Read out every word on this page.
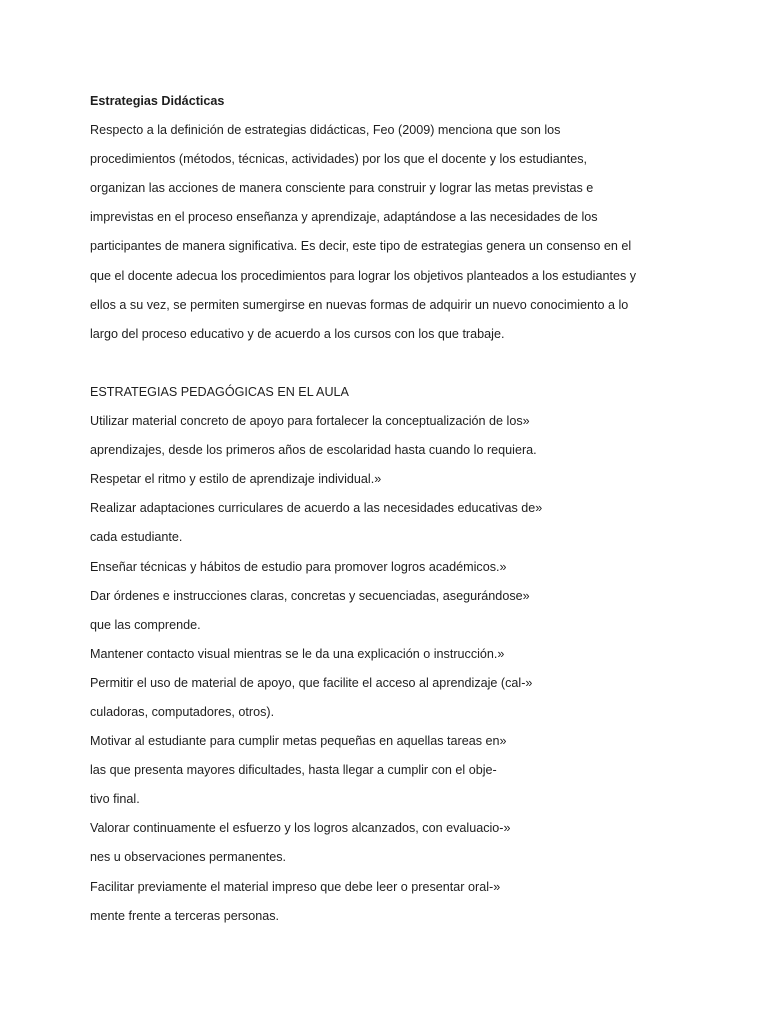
Estrategias Didácticas
Respecto a la definición de estrategias didácticas, Feo (2009) menciona que son los
procedimientos (métodos, técnicas, actividades) por los que el docente y los estudiantes,
organizan las acciones de manera consciente para construir y lograr las metas previstas e
imprevistas en el proceso enseñanza y aprendizaje, adaptándose a las necesidades de los
participantes de manera significativa. Es decir, este tipo de estrategias genera un consenso en el
que el docente adecua los procedimientos para lograr los objetivos planteados a los estudiantes y
ellos a su vez, se permiten sumergirse en nuevas formas de adquirir un nuevo conocimiento a lo
largo del proceso educativo y de acuerdo a los cursos con los que trabaje.
ESTRATEGIAS PEDAGÓGICAS EN EL AULA
Utilizar material concreto de apoyo para fortalecer la conceptualización de los»
aprendizajes, desde los primeros años de escolaridad hasta cuando lo requiera.
Respetar el ritmo y estilo de aprendizaje individual.»
Realizar adaptaciones curriculares de acuerdo a las necesidades educativas de»
cada estudiante.
Enseñar técnicas y hábitos de estudio para promover logros académicos.»
Dar órdenes e instrucciones claras, concretas y secuenciadas, asegurándose»
que las comprende.
Mantener contacto visual mientras se le da una explicación o instrucción.»
Permitir el uso de material de apoyo, que facilite el acceso al aprendizaje (cal-»
culadoras, computadores, otros).
Motivar al estudiante para cumplir metas pequeñas en aquellas tareas en»
las que presenta mayores dificultades, hasta llegar a cumplir con el obje-
tivo final.
Valorar continuamente el esfuerzo y los logros alcanzados, con evaluacio-»
nes u observaciones permanentes.
Facilitar previamente el material impreso que debe leer o presentar oral-»
mente frente a terceras personas.
